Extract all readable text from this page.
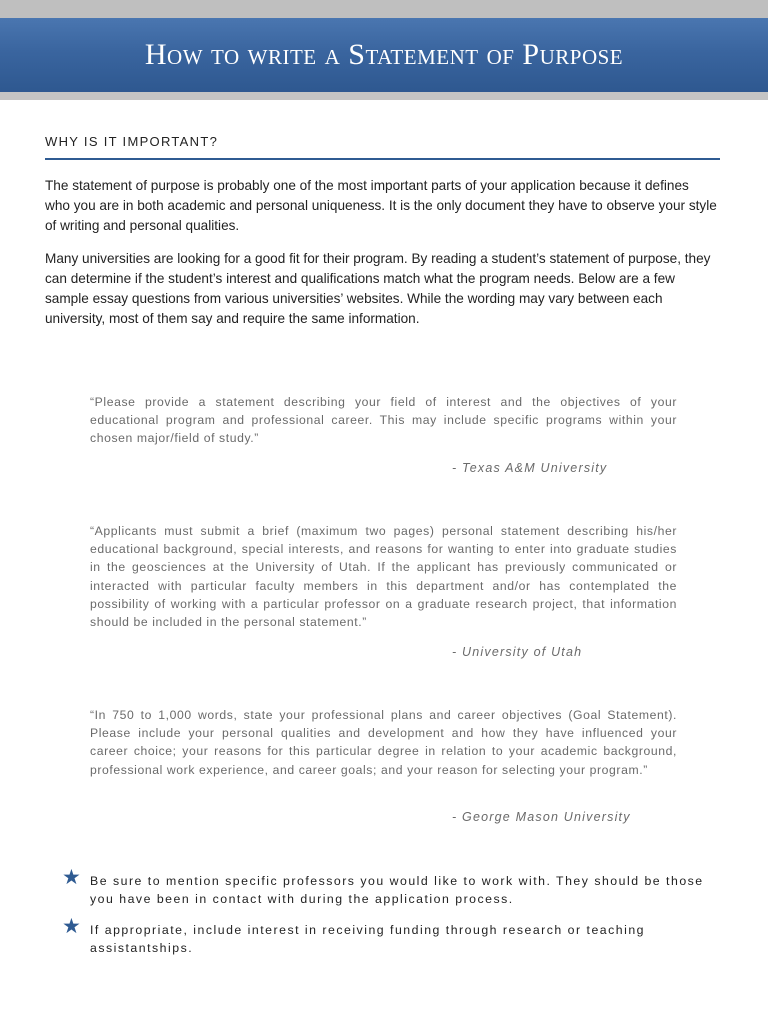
How to write a Statement of Purpose
WHY IS IT IMPORTANT?

The statement of purpose is probably one of the most important parts of your application because it defines who you are in both academic and personal uniqueness. It is the only document they have to observe your style of writing and personal qualities.

Many universities are looking for a good fit for their program. By reading a student’s statement of purpose, they can determine if the student’s interest and qualifications match what the program needs. Below are a few sample essay questions from various universities’ websites. While the wording may vary between each university, most of them say and require the same information.

“Please provide a statement describing your field of interest and the objectives of your educational program and professional career. This may include specific programs within your chosen major/field of study.”

- Texas A&M University

“Applicants must submit a brief (maximum two pages) personal statement describing his/her educational background, special interests, and reasons for wanting to enter into graduate studies in the geosciences at the University of Utah. If the applicant has previously communicated or interacted with particular faculty members in this department and/or has contemplated the possibility of working with a particular professor on a graduate research project, that information should be included in the personal statement.”

- University of Utah

“In 750 to 1,000 words, state your professional plans and career objectives (Goal Statement). Please include your personal qualities and development and how they have influenced your career choice; your reasons for this particular degree in relation to your academic background, professional work experience, and career goals; and your reason for selecting your program.”

- George Mason University
★ Be sure to mention specific professors you would like to work with. They should be those you have been in contact with during the application process.

★ If appropriate, include interest in receiving funding through research or teaching assistantships.
